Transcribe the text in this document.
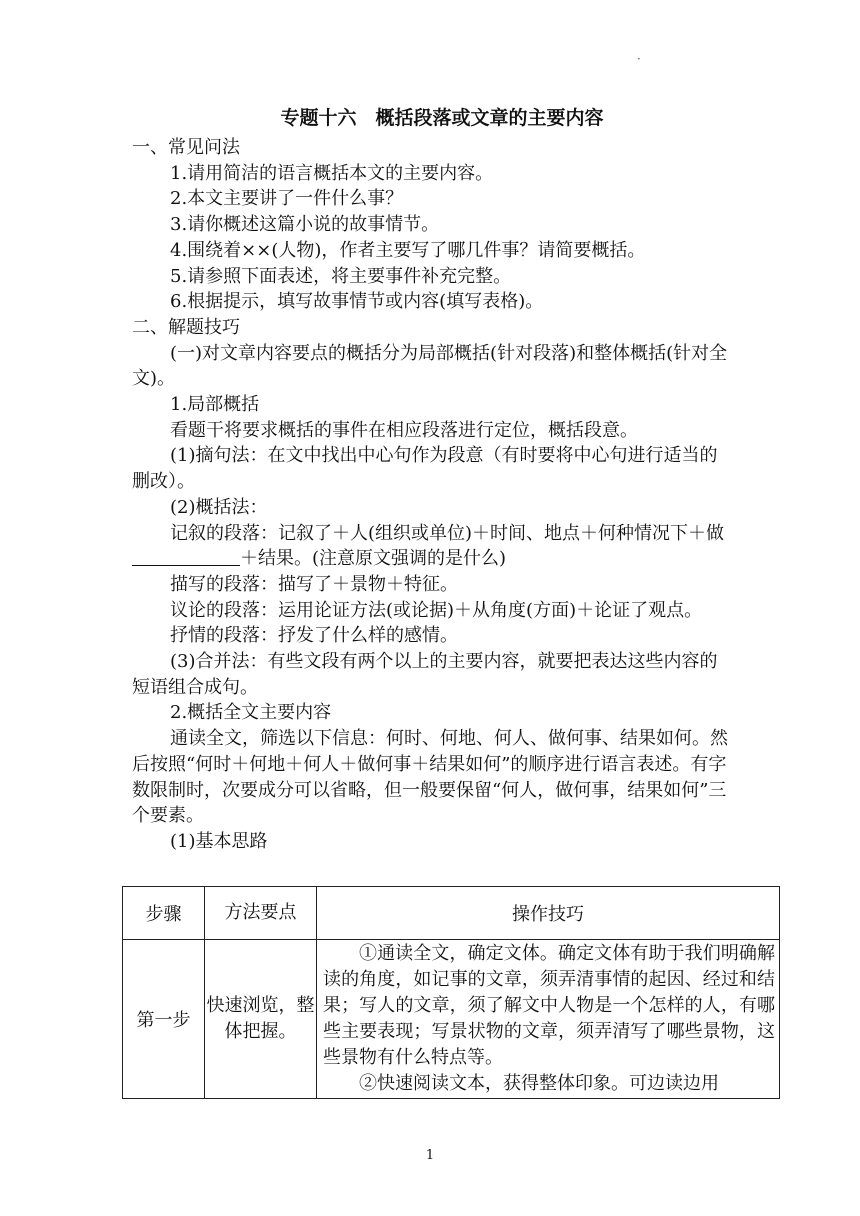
·
专题十六　概括段落或文章的主要内容

一、常见问法

1.请用简洁的语言概括本文的主要内容。

2.本文主要讲了一件什么事？

3.请你概述这篇小说的故事情节。

4.围绕着××(人物)，作者主要写了哪几件事？请简要概括。

5.请参照下面表述，将主要事件补充完整。

6.根据提示，填写故事情节或内容(填写表格)。

二、解题技巧

(一)对文章内容要点的概括分为局部概括(针对段落)和整体概括(针对全文)。

1.局部概括

看题干将要求概括的事件在相应段落进行定位，概括段意。

(1)摘句法：在文中找出中心句作为段意（有时要将中心句进行适当的删改）。

(2)概括法：

记叙的段落：记叙了＋人(组织或单位)＋时间、地点＋何种情况下＋做＋结果。(注意原文强调的是什么)

描写的段落：描写了＋景物＋特征。

议论的段落：运用论证方法(或论据)＋从角度(方面)＋论证了观点。

抒情的段落：抒发了什么样的感情。

(3)合并法：有些文段有两个以上的主要内容，就要把表达这些内容的短语组合成句。

2.概括全文主要内容

通读全文，筛选以下信息：何时、何地、何人、做何事、结果如何。然后按照“何时＋何地＋何人＋做何事＋结果如何”的顺序进行语言表述。有字数限制时，次要成分可以省略，但一般要保留“何人，做何事，结果如何”三个要素。

(1)基本思路

步骤	方法要点	操作技巧
第一步	快速浏览，整体把握。	①通读全文，确定文体。确定文体有助于我们明确解读的角度，如记事的文章，须弄清事情的起因、经过和结果；写人的文章，须了解文中人物是一个怎样的人，有哪些主要表现；写景状物的文章，须弄清写了哪些景物，这些景物有什么特点等。
②快速阅读文本，获得整体印象。可边读边用
1
